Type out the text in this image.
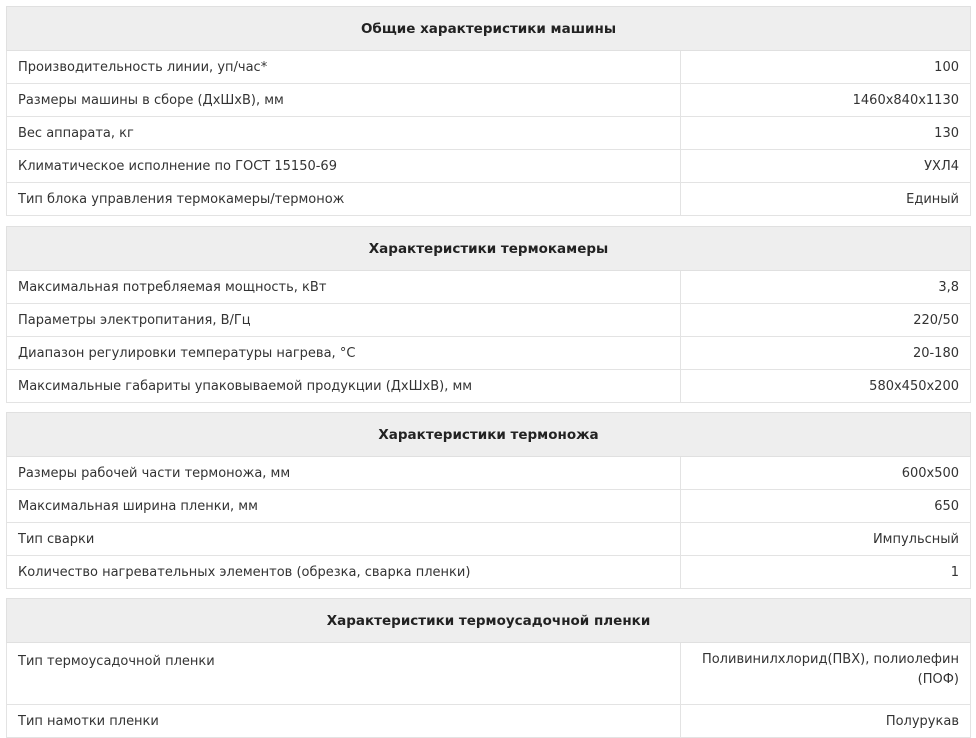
Общие характеристики машины	
Производительность линии, уп/час*	100
Размеры машины в сборе (ДхШхВ), мм	1460x840x1130
Вес аппарата, кг	130
Климатическое исполнение по ГОСТ 15150-69	УХЛ4
Тип блока управления термокамеры/термонож	Единый
Характеристики термокамеры	
Максимальная потребляемая мощность, кВт	3,8
Параметры электропитания, В/Гц	220/50
Диапазон регулировки температуры нагрева, °С	20-180
Максимальные габариты упаковываемой продукции (ДхШхВ), мм	580x450x200
Характеристики термоножа	
Размеры рабочей части термоножа, мм	600x500
Максимальная ширина пленки, мм	650
Тип сварки	Импульсный
Количество нагревательных элементов (обрезка, сварка пленки)	1
Характеристики термоусадочной пленки	
Тип термоусадочной пленки	Поливинилхлорид(ПВХ), полиолефин (ПОФ)
Тип намотки пленки	Полурукав
